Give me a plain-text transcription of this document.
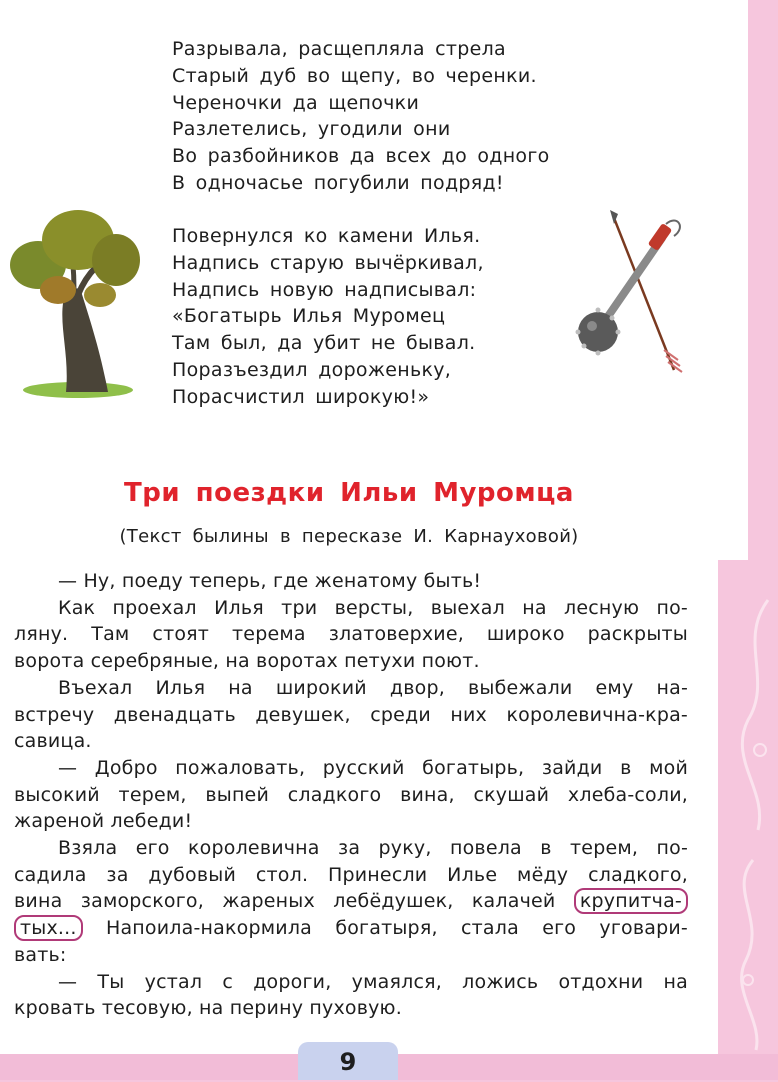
Разрывала, расщепляла стрела
Старый дуб во щепу, во черенки.
Череночки да щепочки
Разлетелись, угодили они
Во разбойников да всех до одного
В одночасье погубили подряд!
Повернулся ко камени Илья.
Надпись старую вычёркивал,
Надпись новую надписывал:
«Богатырь Илья Муромец
Там был, да убит не бывал.
Поразъездил дороженьку,
Порасчистил широкую!»
Три поездки Ильи Муромца
(Текст былины в пересказе И. Карнауховой)
— Ну, поеду теперь, где женатому быть!
Как проехал Илья три версты, выехал на лесную по-
ляну. Там стоят терема златоверхие, широко раскрыты
ворота серебряные, на воротах петухи поют.
Въехал Илья на широкий двор, выбежали ему на-
встречу двенадцать девушек, среди них королевична-кра-
савица.
— Добро пожаловать, русский богатырь, зайди в мой
высокий терем, выпей сладкого вина, скушай хлеба-соли,
жареной лебеди!
Взяла его королевична за руку, повела в терем, по-
садила за дубовый стол. Принесли Илье мёду сладкого,
вина заморского, жареных лебёдушек, калачей крупитча-
тых... Напоила-накормила богатыря, стала его уговари-
вать:
— Ты устал с дороги, умаялся, ложись отдохни на
кровать тесовую, на перину пуховую.
9
